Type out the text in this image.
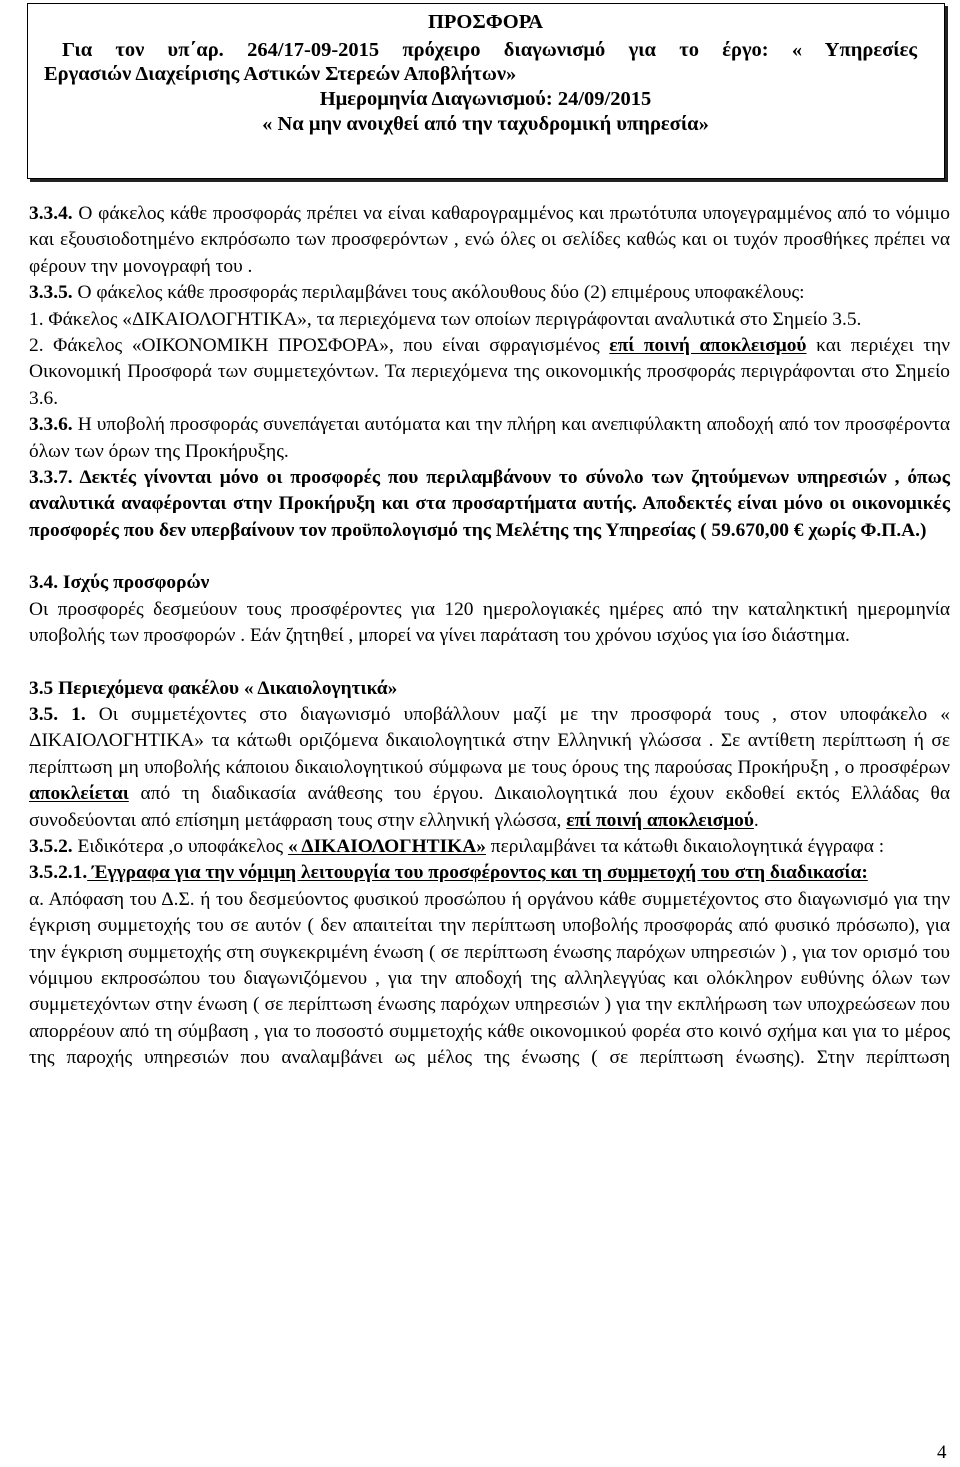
ΠΡΟΣΦΟΡΑ
Για τον υπ΄αρ. 264/17-09-2015 πρόχειρο διαγωνισμό για το έργο: « Υπηρεσίες
Εργασιών Διαχείρισης Αστικών Στερεών Αποβλήτων»
Ημερομηνία Διαγωνισμού: 24/09/2015
« Να μην ανοιχθεί από την ταχυδρομική υπηρεσία»

3.3.4. Ο φάκελος κάθε προσφοράς πρέπει να είναι καθαρογραμμένος και πρωτότυπα υπογεγραμμένος από το νόμιμο και εξουσιοδοτημένο εκπρόσωπο των προσφερόντων , ενώ όλες οι σελίδες καθώς και οι τυχόν προσθήκες πρέπει να φέρουν την μονογραφή του .

3.3.5. Ο φάκελος κάθε προσφοράς περιλαμβάνει τους ακόλουθους δύο (2) επιμέρους υποφακέλους:

1. Φάκελος «ΔΙΚΑΙΟΛΟΓΗΤΙΚΑ», τα περιεχόμενα των οποίων περιγράφονται αναλυτικά στο Σημείο 3.5.

2. Φάκελος «ΟΙΚΟΝΟΜΙΚΗ ΠΡΟΣΦΟΡΑ», που είναι σφραγισμένος επί ποινή αποκλεισμού και περιέχει την Οικονομική Προσφορά των συμμετεχόντων. Τα περιεχόμενα της οικονομικής προσφοράς περιγράφονται στο Σημείο 3.6.

3.3.6. Η υποβολή προσφοράς συνεπάγεται αυτόματα και την πλήρη και ανεπιφύλακτη αποδοχή από τον προσφέροντα όλων των όρων της Προκήρυξης.

3.3.7. Δεκτές γίνονται μόνο οι προσφορές που περιλαμβάνουν το σύνολο των ζητούμενων υπηρεσιών , όπως αναλυτικά αναφέρονται στην Προκήρυξη και στα προσαρτήματα αυτής. Αποδεκτές είναι μόνο οι οικονομικές προσφορές που δεν υπερβαίνουν τον προϋπολογισμό της Μελέτης της Υπηρεσίας ( 59.670,00 € χωρίς Φ.Π.Α.)

3.4. Ισχύς προσφορών

Οι προσφορές δεσμεύουν τους προσφέροντες για 120 ημερολογιακές ημέρες από την καταληκτική ημερομηνία υποβολής των προσφορών . Εάν ζητηθεί , μπορεί να γίνει παράταση του χρόνου ισχύος για ίσο διάστημα.

3.5 Περιεχόμενα φακέλου « Δικαιολογητικά»

3.5. 1. Οι συμμετέχοντες στο διαγωνισμό υποβάλλουν μαζί με την προσφορά τους , στον υποφάκελο « ΔΙΚΑΙΟΛΟΓΗΤΙΚΑ» τα κάτωθι οριζόμενα δικαιολογητικά στην Ελληνική γλώσσα . Σε αντίθετη περίπτωση ή σε περίπτωση μη υποβολής κάποιου δικαιολογητικού σύμφωνα με τους όρους της παρούσας Προκήρυξη , ο προσφέρων αποκλείεται από τη διαδικασία ανάθεσης του έργου. Δικαιολογητικά που έχουν εκδοθεί εκτός Ελλάδας θα συνοδεύονται από επίσημη μετάφραση τους στην ελληνική γλώσσα, επί ποινή αποκλεισμού.

3.5.2. Ειδικότερα ,ο υποφάκελος « ΔΙΚΑΙΟΛΟΓΗΤΙΚΑ» περιλαμβάνει τα κάτωθι δικαιολογητικά έγγραφα :

3.5.2.1. Έγγραφα για την νόμιμη λειτουργία του προσφέροντος και τη συμμετοχή του στη διαδικασία:

α. Απόφαση του Δ.Σ. ή του δεσμεύοντος φυσικού προσώπου ή οργάνου κάθε συμμετέχοντος στο διαγωνισμό για την έγκριση συμμετοχής του σε αυτόν ( δεν απαιτείται την περίπτωση υποβολής προσφοράς από φυσικό πρόσωπο), για την έγκριση συμμετοχής στη συγκεκριμένη ένωση ( σε περίπτωση ένωσης παρόχων υπηρεσιών ) , για τον ορισμό του νόμιμου εκπροσώπου του διαγωνιζόμενου , για την αποδοχή της αλληλεγγύας και ολόκληρον ευθύνης όλων των συμμετεχόντων στην ένωση ( σε περίπτωση ένωσης παρόχων υπηρεσιών ) για την εκπλήρωση των υποχρεώσεων που απορρέουν από τη σύμβαση , για το ποσοστό συμμετοχής κάθε οικονομικού φορέα στο κοινό σχήμα και για το μέρος της παροχής υπηρεσιών που αναλαμβάνει ως μέλος της ένωσης ( σε περίπτωση ένωσης). Στην περίπτωση

4
